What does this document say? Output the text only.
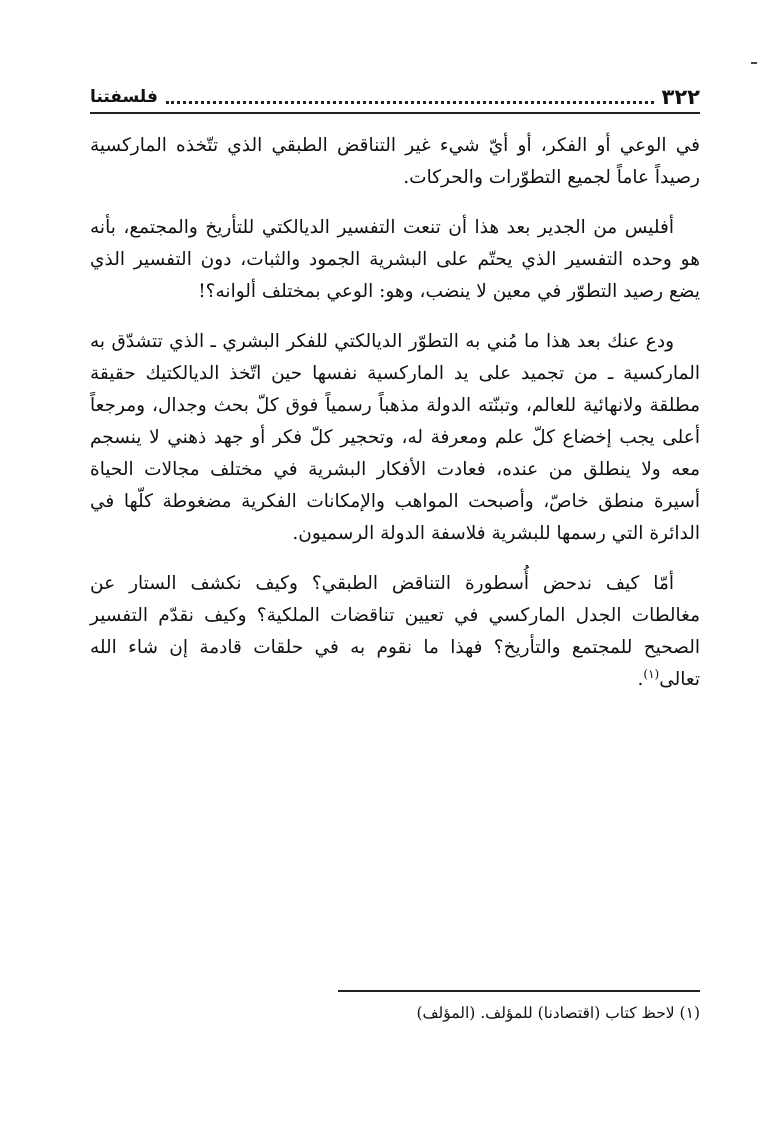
٣٢٢
فلسفتنا

في الوعي أو الفكر، أو أيّ شيء غير التناقض الطبقي الذي تتّخذه الماركسية رصيداً عاماً لجميع التطوّرات والحركات.

أفليس من الجدير بعد هذا أن تنعت التفسير الديالكتي للتأريخ والمجتمع، بأنه هو وحده التفسير الذي يحتّم على البشرية الجمود والثبات، دون التفسير الذي يضع رصيد التطوّر في معين لا ينضب، وهو: الوعي بمختلف ألوانه؟!

ودع عنك بعد هذا ما مُني به التطوّر الديالكتي للفكر البشري ـ الذي تتشدّق به الماركسية ـ من تجميد على يد الماركسية نفسها حين اتّخذ الديالكتيك حقيقة مطلقة ولانهائية للعالم، وتبنّته الدولة مذهباً رسمياً فوق كلّ بحث وجدال، ومرجعاً أعلى يجب إخضاع كلّ علم ومعرفة له، وتحجير كلّ فكر أو جهد ذهني لا ينسجم معه ولا ينطلق من عنده، فعادت الأفكار البشرية في مختلف مجالات الحياة أسيرة منطق خاصّ، وأصبحت المواهب والإمكانات الفكرية مضغوطة كلّها في الدائرة التي رسمها للبشرية فلاسفة الدولة الرسميون.

أمّا كيف ندحض أُسطورة التناقض الطبقي؟ وكيف نكشف الستار عن مغالطات الجدل الماركسي في تعيين تناقضات الملكية؟ وكيف نقدّم التفسير الصحيح للمجتمع والتأريخ؟ فهذا ما نقوم به في حلقات قادمة إن شاء الله تعالى$^{(١)}$.

(١) لاحظ كتاب (اقتصادنا) للمؤلف. (المؤلف)
